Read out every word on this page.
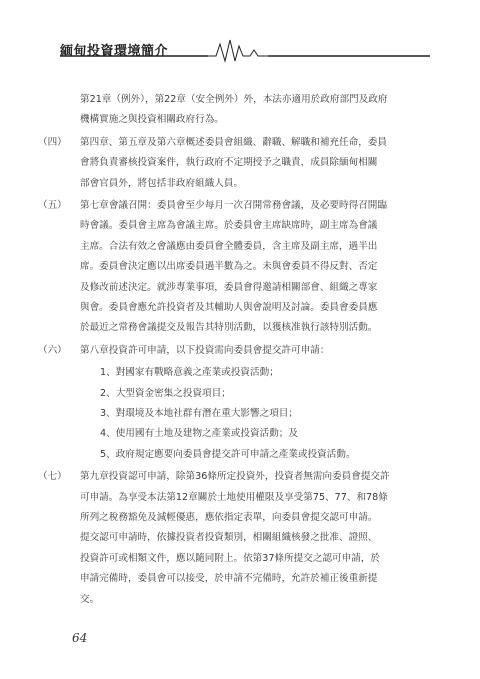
緬甸投資環境簡介
第21章（例外），第22章（安全例外）外，本法亦適用於政府部門及政府
機構實施之與投資相關政府行為。
（四） 第四章、第五章及第六章概述委員會組織、辭職、解職和補充任命，委員
會將負責審核投資案件，執行政府不定期授予之職責，成員除緬甸相關
部會官員外，將包括非政府組織人員。
（五） 第七章會議召開：委員會至少每月一次召開常務會議，及必要時得召開臨
時會議。委員會主席為會議主席。於委員會主席缺席時，副主席為會議
主席。合法有效之會議應由委員會全體委員，含主席及副主席，過半出
席。委員會決定應以出席委員過半數為之。未與會委員不得反對、否定
及修改前述決定。就涉專業事項，委員會得邀請相關部會、組織之專家
與會。委員會應允許投資者及其輔助人與會說明及討論。委員會委員應
於最近之常務會議提交及報告其特別活動，以獲核准執行該特別活動。
（六） 第八章投資許可申請，以下投資需向委員會提交許可申請：
1、對國家有戰略意義之產業或投資活動；
2、大型資金密集之投資項目；
3、對環境及本地社群有潛在重大影響之項目；
4、使用國有土地及建物之產業或投資活動；及
5、政府規定應要向委員會提交許可申請之產業或投資活動。
（七） 第九章投資認可申請，除第36條所定投資外，投資者無需向委員會提交許
可申請。為享受本法第12章關於土地使用權限及享受第75、77、和78條
所列之稅務豁免及減輕優惠，應依指定表單，向委員會提交認可申請。
提交認可申請時，依據投資者投資類別，相關組織核發之批准、證照、
投資許可或相類文件，應以隨同附上。依第37條所提交之認可申請，於
申請完備時，委員會可以接受，於申請不完備時，允許於補正後重新提
交。
64
